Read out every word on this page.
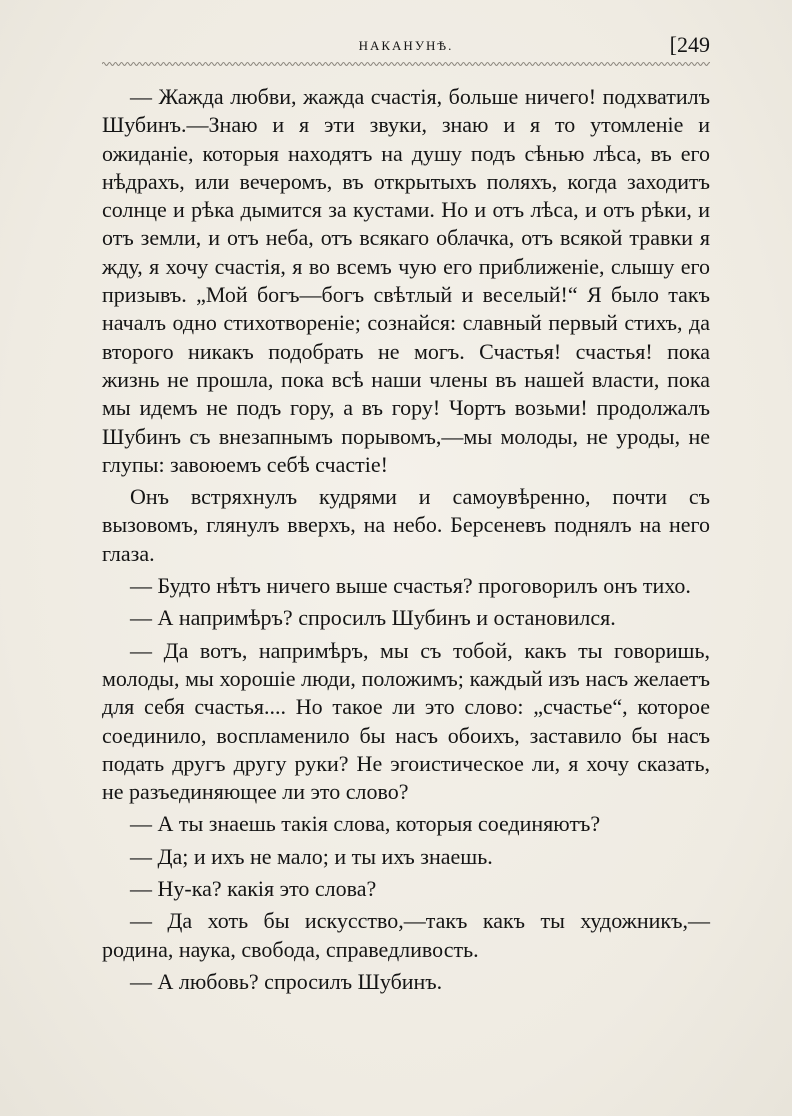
НАКАНУНѢ.	[249

— Жажда любви, жажда счастія, больше ничего! подхватилъ Шубинъ.—Знаю и я эти звуки, знаю и я то утомленіе и ожиданіе, которыя находятъ на душу подъ сѣнью лѣса, въ его нѣдрахъ, или вечеромъ, въ открытыхъ поляхъ, когда заходитъ солнце и рѣка дымится за кустами. Но и отъ лѣса, и отъ рѣки, и отъ земли, и отъ неба, отъ всякаго облачка, отъ всякой травки я жду, я хочу счастія, я во всемъ чую его приближеніе, слышу его призывъ. „Мой богъ—богъ свѣтлый и веселый!“ Я было такъ началъ одно стихотвореніе; сознайся: славный первый стихъ, да второго никакъ подобрать не могъ. Счастья! счастья! пока жизнь не прошла, пока всѣ наши члены въ нашей власти, пока мы идемъ не подъ гору, а въ гору! Чортъ возьми! продолжалъ Шубинъ съ внезапнымъ порывомъ,—мы молоды, не уроды, не глупы: завоюемъ себѣ счастіе!

Онъ встряхнулъ кудрями и самоувѣренно, почти съ вызовомъ, глянулъ вверхъ, на небо. Берсеневъ поднялъ на него глаза.

— Будто нѣтъ ничего выше счастья? проговорилъ онъ тихо.

— А напримѣръ? спросилъ Шубинъ и остановился.

— Да вотъ, напримѣръ, мы съ тобой, какъ ты говоришь, молоды, мы хорошіе люди, положимъ; каждый изъ насъ желаетъ для себя счастья.... Но такое ли это слово: „счастье“, которое соединило, воспламенило бы насъ обоихъ, заставило бы насъ подать другъ другу руки? Не эгоистическое ли, я хочу сказать, не разъединяющее ли это слово?

— А ты знаешь такія слова, которыя соединяютъ?

— Да; и ихъ не мало; и ты ихъ знаешь.

— Ну-ка? какія это слова?

— Да хоть бы искусство,—такъ какъ ты художникъ,—родина, наука, свобода, справедливость.

— А любовь? спросилъ Шубинъ.
